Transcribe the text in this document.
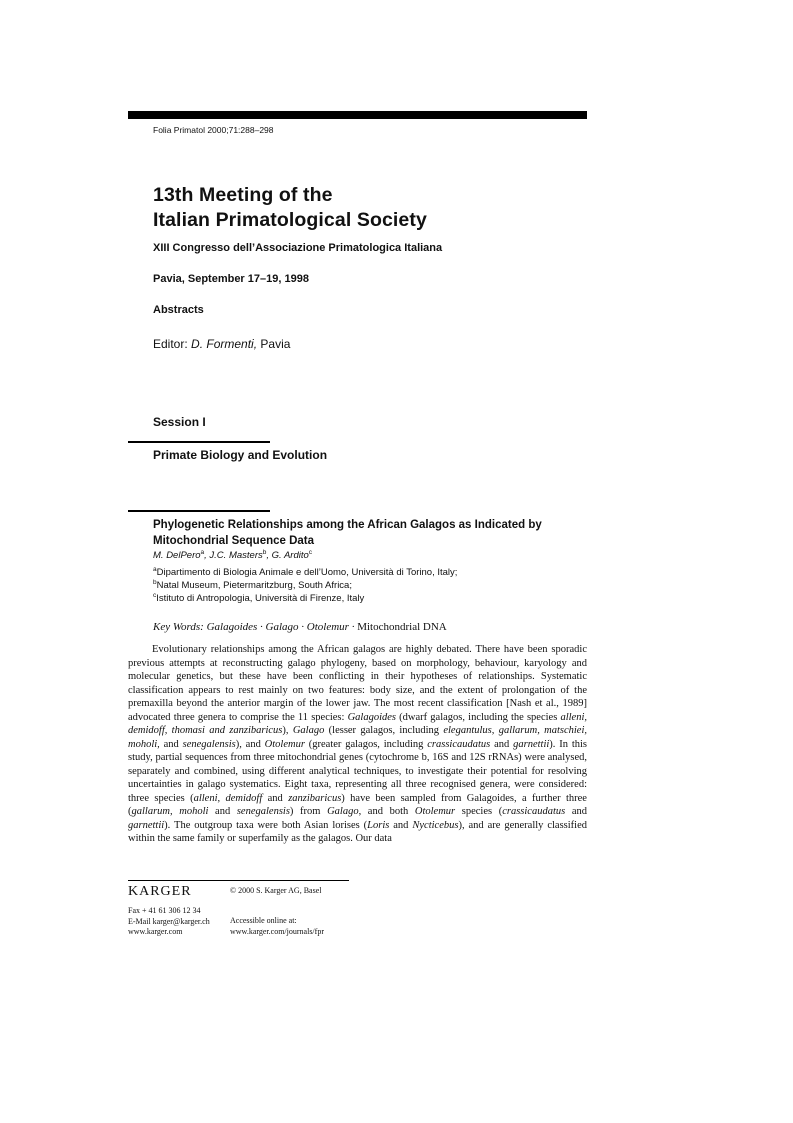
Folia Primatol 2000;71:288–298
13th Meeting of the
Italian Primatological Society
XIII Congresso dell’Associazione Primatologica Italiana
Pavia, September 17–19, 1998
Abstracts
Editor: D. Formenti, Pavia
Session I
Primate Biology and Evolution
Phylogenetic Relationships among the African Galagos as Indicated by Mitochondrial Sequence Data
M. DelPero$^a$, J.C. Masters$^b$, G. Ardito$^c$
$^a$Dipartimento di Biologia Animale e dell’Uomo, Università di Torino, Italy;
$^b$Natal Museum, Pietermaritzburg, South Africa;
$^c$Istituto di Antropologia, Università di Firenze, Italy
Key Words: Galagoides · Galago · Otolemur · Mitochondrial DNA

Evolutionary relationships among the African galagos are highly debated. There have been sporadic previous attempts at reconstructing galago phylogeny, based on morphology, behaviour, karyology and molecular genetics, but these have been conflicting in their hypotheses of relationships. Systematic classification appears to rest mainly on two features: body size, and the extent of prolongation of the premaxilla beyond the anterior margin of the lower jaw. The most recent classification [Nash et al., 1989] advocated three genera to comprise the 11 species: Galagoides (dwarf galagos, including the species alleni, demidoff, thomasi and zanzibaricus), Galago (lesser galagos, including elegantulus, gallarum, matschiei, moholi, and senegalensis), and Otolemur (greater galagos, including crassicaudatus and garnettii). In this study, partial sequences from three mitochondrial genes (cytochrome b, 16S and 12S rRNAs) were analysed, separately and combined, using different analytical techniques, to investigate their potential for resolving uncertainties in galago systematics. Eight taxa, representing all three recognised genera, were considered: three species (alleni, demidoff and zanzibaricus) have been sampled from Galagoides, a further three (gallarum, moholi and senegalensis) from Galago, and both Otolemur species (crassicaudatus and garnettii). The outgroup taxa were both Asian lorises (Loris and Nycticebus), and are generally classified within the same family or superfamily as the galagos. Our data

KARGER	© 2000 S. Karger AG, Basel
Fax + 41 61 306 12 34
E-Mail karger@karger.ch
www.karger.com
Accessible online at:
www.karger.com/journals/fpr
